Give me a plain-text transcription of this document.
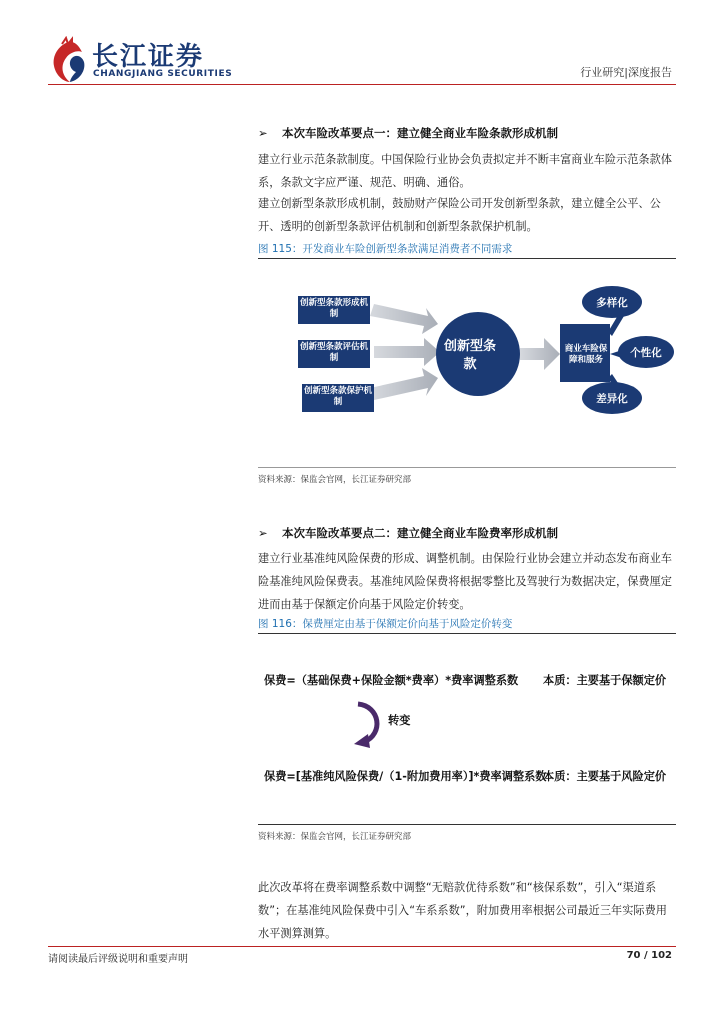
长江证券
CHANGJIANG SECURITIES	行业研究|深度报告
➢ 本次车险改革要点一：建立健全商业车险条款形成机制
建立行业示范条款制度。中国保险行业协会负责拟定并不断丰富商业车险示范条款体系，条款文字应严谨、规范、明确、通俗。
建立创新型条款形成机制，鼓励财产保险公司开发创新型条款，建立健全公平、公开、透明的创新型条款评估机制和创新型条款保护机制。
图 115：开发商业车险创新型条款满足消费者不同需求
创新型条款形成机制
创新型条款评估机制
创新型条款保护机制
创新型条款
商业车险保障和服务
多样化
个性化
差异化
资料来源：保监会官网，长江证券研究部
➢ 本次车险改革要点二：建立健全商业车险费率形成机制
建立行业基准纯风险保费的形成、调整机制。由保险行业协会建立并动态发布商业车险基准纯风险保费表。基准纯风险保费将根据零整比及驾驶行为数据决定，保费厘定进而由基于保额定价向基于风险定价转变。
图 116：保费厘定由基于保额定价向基于风险定价转变
保费=（基础保费+保险金额*费率）*费率调整系数 本质：主要基于保额定价
转变
保费=[基准纯风险保费/（1-附加费用率）]*费率调整系数
本质：主要基于风险定价
资料来源：保监会官网，长江证券研究部
此次改革将在费率调整系数中调整“无赔款优待系数”和“核保系数”，引入“渠道系数”；在基准纯风险保费中引入“车系系数”，附加费用率根据公司最近三年实际费用水平测算测算。
请阅读最后评级说明和重要声明	70 / 102
